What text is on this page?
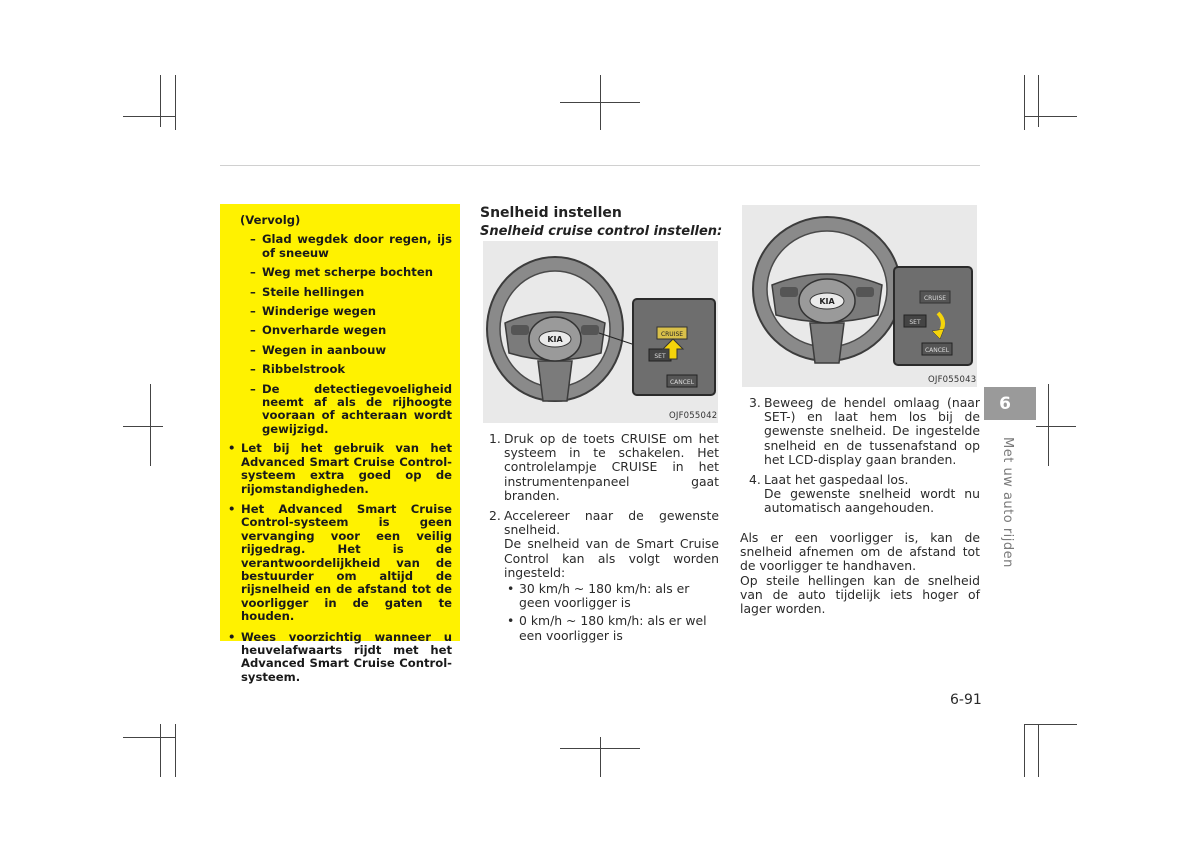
(Vervolg)
– Glad wegdek door regen, ijs of sneeuw
– Weg met scherpe bochten
– Steile hellingen
– Winderige wegen
– Onverharde wegen
– Wegen in aanbouw
– Ribbelstrook
– De detectiegevoeligheid neemt af als de rijhoogte vooraan of achteraan wordt gewijzigd.
• Let bij het gebruik van het Advanced Smart Cruise Control-systeem extra goed op de rijomstandigheden.
• Het Advanced Smart Cruise Control-systeem is geen vervanging voor een veilig rijgedrag. Het is de verantwoordelijkheid van de bestuurder om altijd de rijsnelheid en de afstand tot de voorligger in de gaten te houden.
• Wees voorzichtig wanneer u heuvelafwaarts rijdt met het Advanced Smart Cruise Control-systeem.
Snelheid instellen
Snelheid cruise control instellen:
KIA
CRUISE
SET
CANCEL
OJF055042
KIA	CRUISE
SET
CANCEL
OJF055043
1. Druk op de toets CRUISE om het systeem in te schakelen. Het controlelampje CRUISE in het instrumentenpaneel gaat branden.
2. Accelereer naar de gewenste snelheid.
De snelheid van de Smart Cruise Control kan als volgt worden ingesteld:
• 30 km/h ~ 180 km/h: als er geen voorligger is
• 0 km/h ~ 180 km/h: als er wel een voorligger is
3. Beweeg de hendel omlaag (naar SET-) en laat hem los bij de gewenste snelheid. De ingestelde snelheid en de tussenafstand op het LCD-display gaan branden.
4. Laat het gaspedaal los.
De gewenste snelheid wordt nu automatisch aangehouden.
Als er een voorligger is, kan de snelheid afnemen om de afstand tot de voorligger te handhaven.
Op steile hellingen kan de snelheid van de auto tijdelijk iets hoger of lager worden.
6
Met uw auto rijden
6-91
